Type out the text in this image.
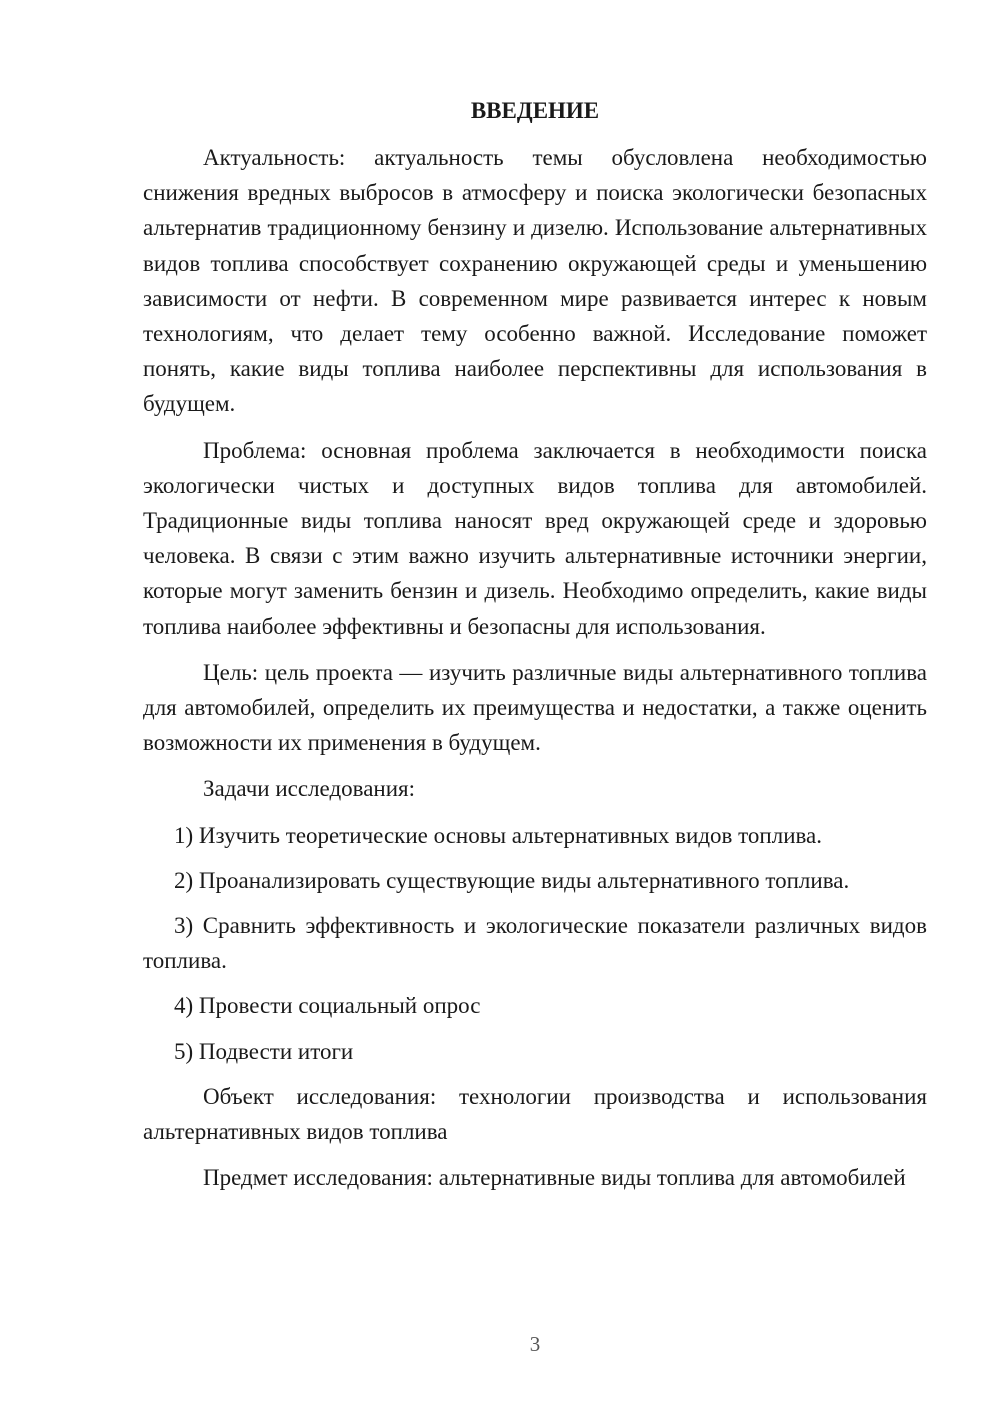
ВВЕДЕНИЕ

Актуальность: актуальность темы обусловлена необходимостью снижения вредных выбросов в атмосферу и поиска экологически безопасных альтернатив традиционному бензину и дизелю. Использование альтернативных видов топлива способствует сохранению окружающей среды и уменьшению зависимости от нефти. В современном мире развивается интерес к новым технологиям, что делает тему особенно важной. Исследование поможет понять, какие виды топлива наиболее перспективны для использования в будущем.

Проблема: основная проблема заключается в необходимости поиска экологически чистых и доступных видов топлива для автомобилей. Традиционные виды топлива наносят вред окружающей среде и здоровью человека. В связи с этим важно изучить альтернативные источники энергии, которые могут заменить бензин и дизель. Необходимо определить, какие виды топлива наиболее эффективны и безопасны для использования.

Цель: цель проекта — изучить различные виды альтернативного топлива для автомобилей, определить их преимущества и недостатки, а также оценить возможности их применения в будущем.

Задачи исследования:

1) Изучить теоретические основы альтернативных видов топлива.

2) Проанализировать существующие виды альтернативного топлива.

3) Сравнить эффективность и экологические показатели различных видов топлива.

4) Провести социальный опрос

5) Подвести итоги

Объект исследования: технологии производства и использования альтернативных видов топлива

Предмет исследования: альтернативные виды топлива для автомобилей

3
